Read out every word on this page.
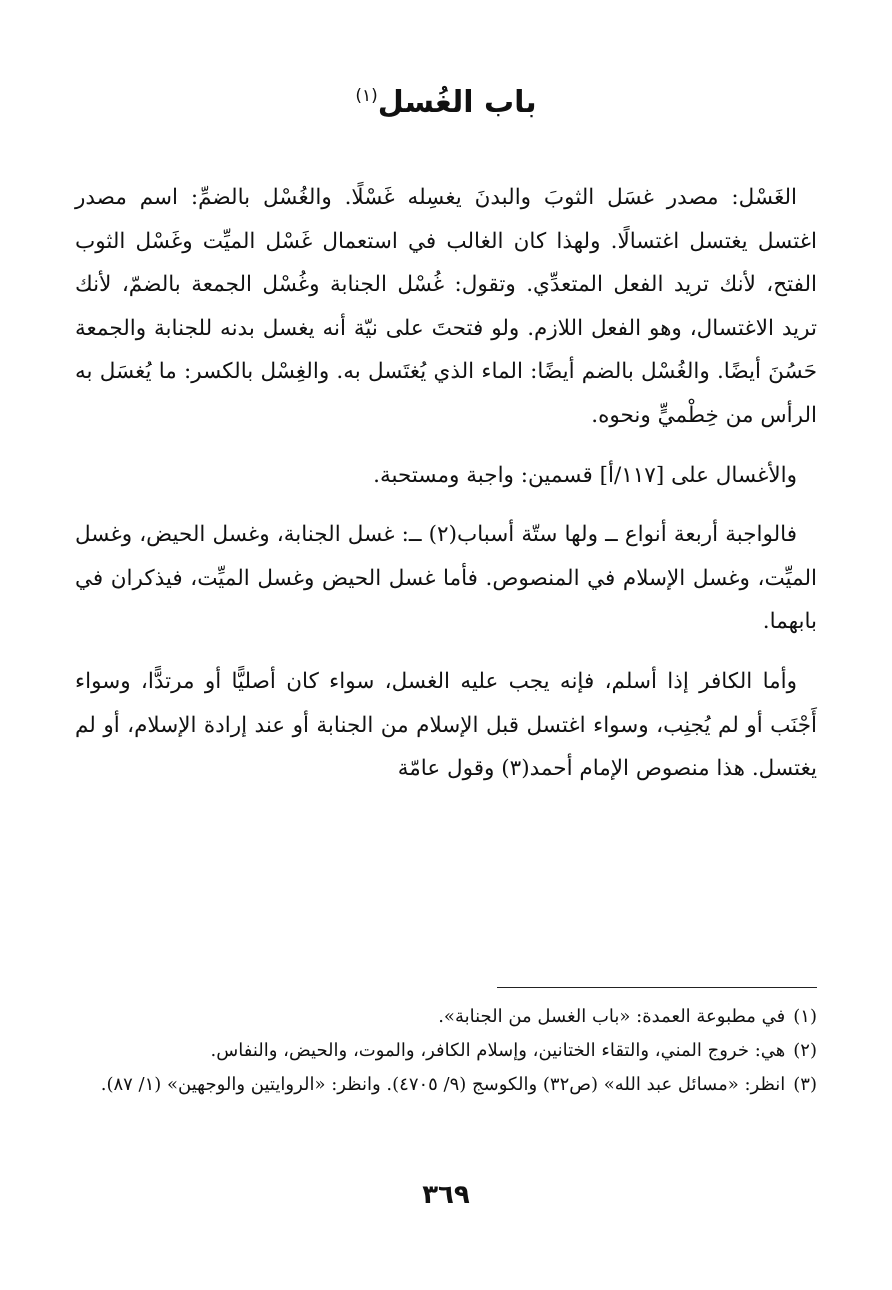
باب الغُسل$^{(١)}$

الغَسْل: مصدر غسَل الثوبَ والبدنَ يغسِله غَسْلًا. والغُسْل بالضمِّ: اسم مصدر اغتسل يغتسل اغتسالًا. ولهذا كان الغالب في استعمال غَسْل الميِّت وغَسْل الثوب الفتح، لأنك تريد الفعل المتعدِّي. وتقول: غُسْل الجنابة وغُسْل الجمعة بالضمّ، لأنك تريد الاغتسال، وهو الفعل اللازم. ولو فتحتَ على نيّة أنه يغسل بدنه للجنابة والجمعة حَسُنَ أيضًا. والغُسْل بالضم أيضًا: الماء الذي يُغتَسل به. والغِسْل بالكسر: ما يُغسَل به الرأس من خِطْميٍّ ونحوه.

والأغسال على [١١٧/أ] قسمين: واجبة ومستحبة.

فالواجبة أربعة أنواع ــ ولها ستّة أسباب(٢) ــ: غسل الجنابة، وغسل الحيض، وغسل الميِّت، وغسل الإسلام في المنصوص. فأما غسل الحيض وغسل الميِّت، فيذكران في بابهما.

وأما الكافر إذا أسلم، فإنه يجب عليه الغسل، سواء كان أصليًّا أو مرتدًّا، وسواء أَجْنَب أو لم يُجنِب، وسواء اغتسل قبل الإسلام من الجنابة أو عند إرادة الإسلام، أو لم يغتسل. هذا منصوص الإمام أحمد(٣) وقول عامّة

(١)
في مطبوعة العمدة: «باب الغسل من الجنابة».
(٢)
هي: خروج المني، والتقاء الختانين، وإسلام الكافر، والموت، والحيض، والنفاس.
(٣)
انظر: «مسائل عبد الله» (ص٣٢) والكوسج (٩/ ٤٧٠٥). وانظر: «الروايتين والوجهين» (١/ ٨٧).
٣٦٩
